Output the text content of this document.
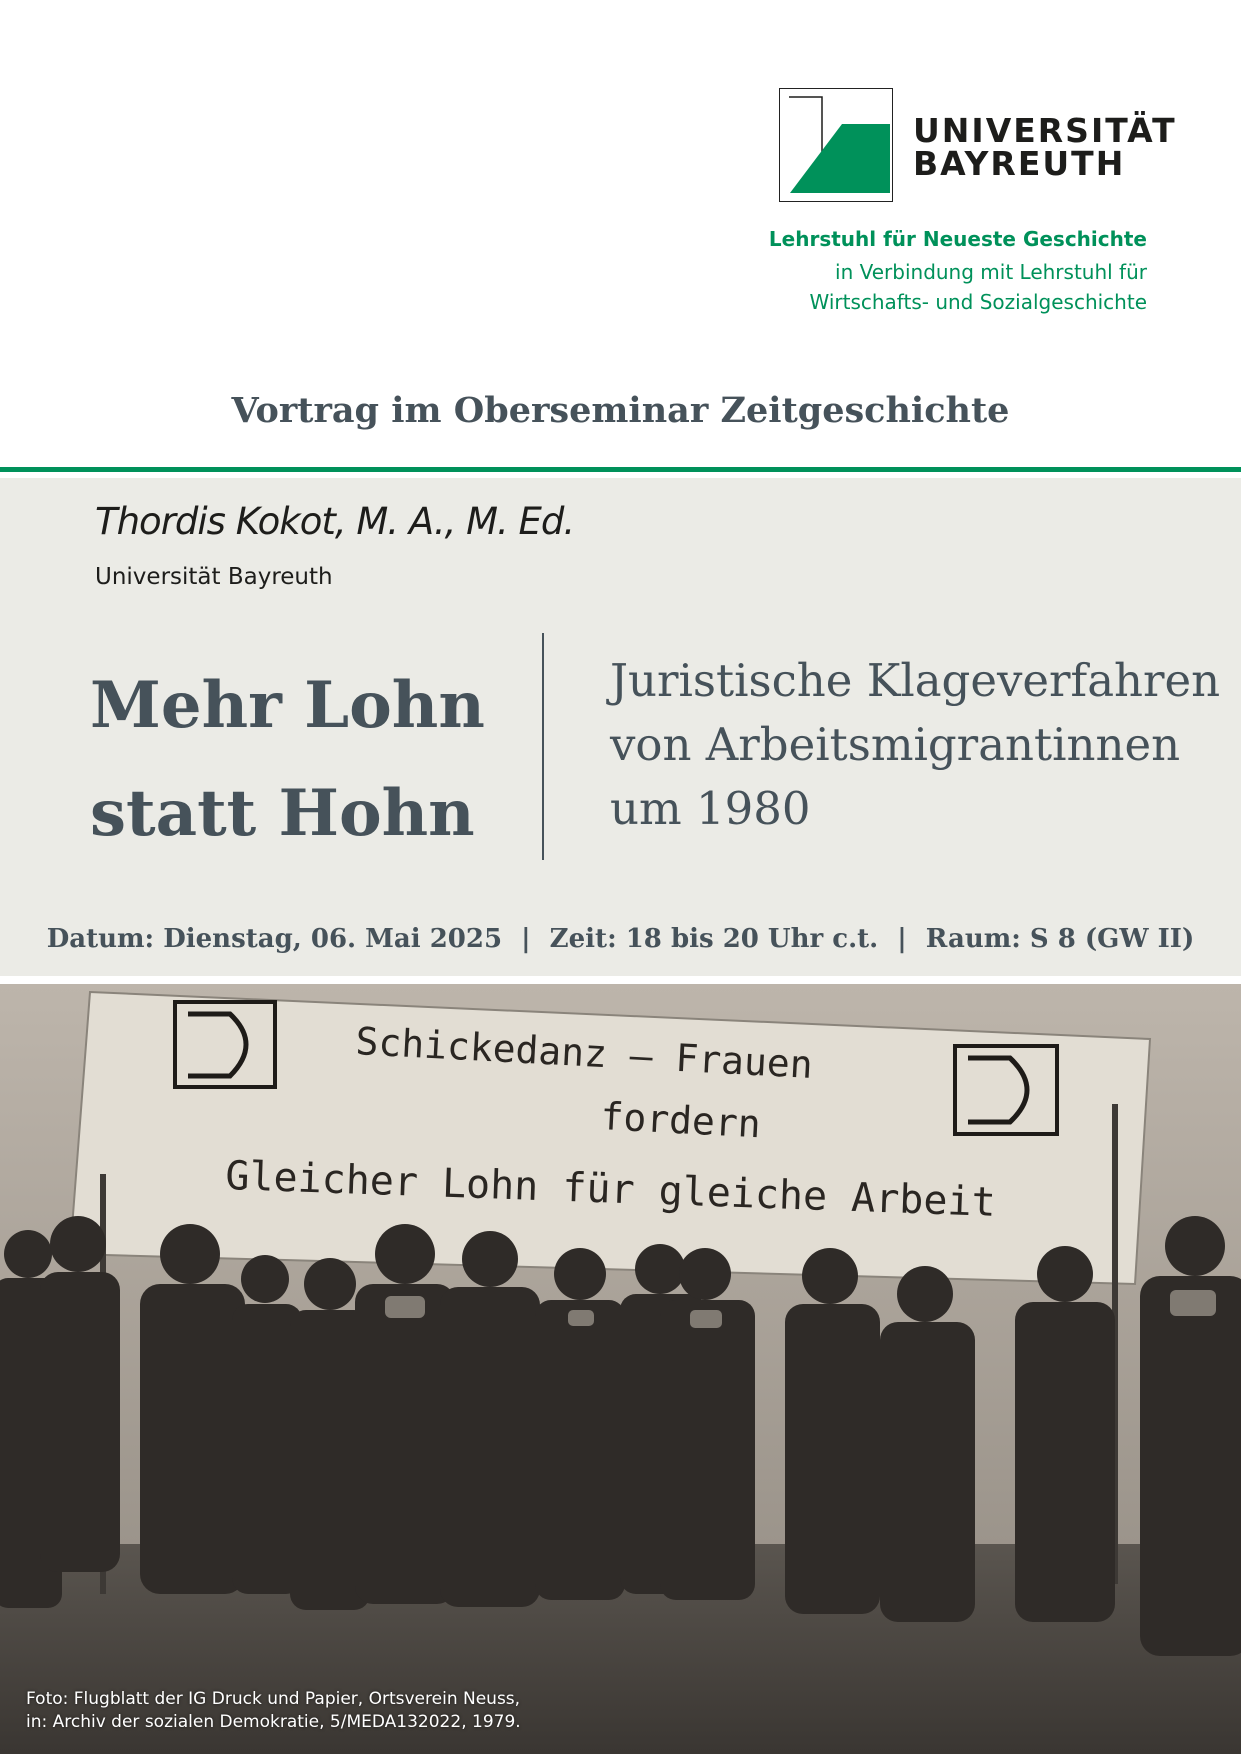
UNIVERSITÄT
BAYREUTH
Lehrstuhl für Neueste Geschichte
in Verbindung mit Lehrstuhl für
Wirtschafts- und Sozialgeschichte
Vortrag im Oberseminar Zeitgeschichte
Thordis Kokot, M. A., M. Ed.
Universität Bayreuth
Mehr Lohn
statt Hohn
Juristische Klageverfahren
von Arbeitsmigrantinnen
um 1980
Datum: Dienstag, 06. Mai 2025 | Zeit: 18 bis 20 Uhr c.t. | Raum: S 8 (GW II)
Schickedanz — Frauen
fordern
Gleicher Lohn für gleiche Arbeit
Foto: Flugblatt der IG Druck und Papier, Ortsverein Neuss,
in: Archiv der sozialen Demokratie, 5/MEDA132022, 1979.
